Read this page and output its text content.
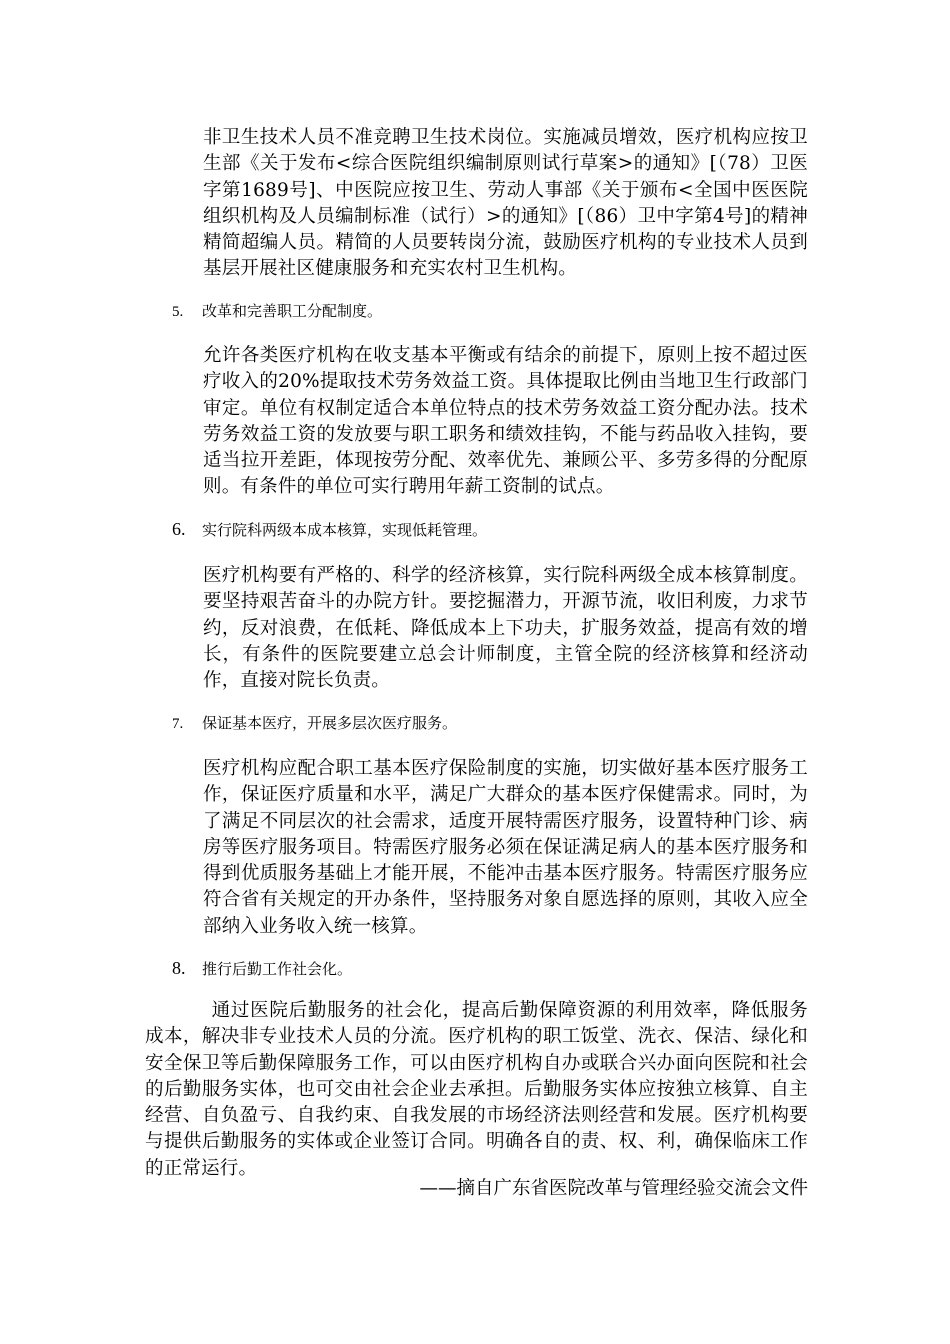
非卫生技术人员不准竞聘卫生技术岗位。实施减员增效，医疗机构应按卫生部《关于发布<综合医院组织编制原则试行草案>的通知》[（78）卫医字第1689号]、中医院应按卫生、劳动人事部《关于颁布<全国中医医院组织机构及人员编制标准（试行）>的通知》[（86）卫中字第4号]的精神精简超编人员。精简的人员要转岗分流，鼓励医疗机构的专业技术人员到基层开展社区健康服务和充实农村卫生机构。

5. 改革和完善职工分配制度。

允许各类医疗机构在收支基本平衡或有结余的前提下，原则上按不超过医疗收入的20%提取技术劳务效益工资。具体提取比例由当地卫生行政部门审定。单位有权制定适合本单位特点的技术劳务效益工资分配办法。技术劳务效益工资的发放要与职工职务和绩效挂钩，不能与药品收入挂钩，要适当拉开差距，体现按劳分配、效率优先、兼顾公平、多劳多得的分配原则。有条件的单位可实行聘用年薪工资制的试点。

6. 实行院科两级本成本核算，实现低耗管理。

医疗机构要有严格的、科学的经济核算，实行院科两级全成本核算制度。要坚持艰苦奋斗的办院方针。要挖掘潜力，开源节流，收旧利废，力求节约，反对浪费，在低耗、降低成本上下功夫，扩服务效益，提高有效的增长，有条件的医院要建立总会计师制度，主管全院的经济核算和经济动作，直接对院长负责。

7. 保证基本医疗，开展多层次医疗服务。

医疗机构应配合职工基本医疗保险制度的实施，切实做好基本医疗服务工作，保证医疗质量和水平，满足广大群众的基本医疗保健需求。同时，为了满足不同层次的社会需求，适度开展特需医疗服务，设置特种门诊、病房等医疗服务项目。特需医疗服务必须在保证满足病人的基本医疗服务和得到优质服务基础上才能开展，不能冲击基本医疗服务。特需医疗服务应符合省有关规定的开办条件，坚持服务对象自愿选择的原则，其收入应全部纳入业务收入统一核算。

8. 推行后勤工作社会化。

通过医院后勤服务的社会化，提高后勤保障资源的利用效率，降低服务成本，解决非专业技术人员的分流。医疗机构的职工饭堂、洗衣、保洁、绿化和安全保卫等后勤保障服务工作，可以由医疗机构自办或联合兴办面向医院和社会的后勤服务实体，也可交由社会企业去承担。后勤服务实体应按独立核算、自主经营、自负盈亏、自我约束、自我发展的市场经济法则经营和发展。医疗机构要与提供后勤服务的实体或企业签订合同。明确各自的责、权、利，确保临床工作的正常运行。

——摘自广东省医院改革与管理经验交流会文件
